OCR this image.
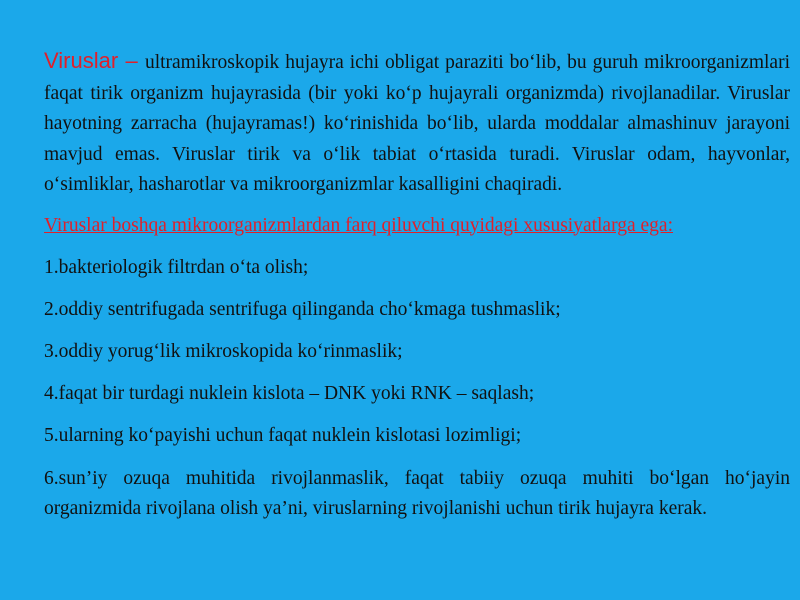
Viruslar – ultramikroskopik hujayra ichi obligat paraziti bo‘lib, bu guruh mikroorganizmlari faqat tirik organizm hujayrasida (bir yoki ko‘p hujayrali organizmda) rivojlanadilar. Viruslar hayotning zarracha (hujayramas!) ko‘rinishida bo‘lib, ularda moddalar almashinuv jarayoni mavjud emas. Viruslar tirik va o‘lik tabiat o‘rtasida turadi. Viruslar odam, hayvonlar, o‘simliklar, hasharotlar va mikroorganizmlar kasalligini chaqiradi.

Viruslar boshqa mikroorganizmlardan farq qiluvchi quyidagi xususiyatlarga ega:

1.bakteriologik filtrdan o‘ta olish;

2.oddiy sentrifugada sentrifuga qilinganda cho‘kmaga tushmaslik;

3.oddiy yorug‘lik mikroskopida ko‘rinmaslik;

4.faqat bir turdagi nuklein kislota – DNK yoki RNK – saqlash;

5.ularning ko‘payishi uchun faqat nuklein kislotasi lozimligi;

6.sun’iy ozuqa muhitida rivojlanmaslik, faqat tabiiy ozuqa muhiti bo‘lgan ho‘jayin organizmida rivojlana olish ya’ni, viruslarning rivojlanishi uchun tirik hujayra kerak.
